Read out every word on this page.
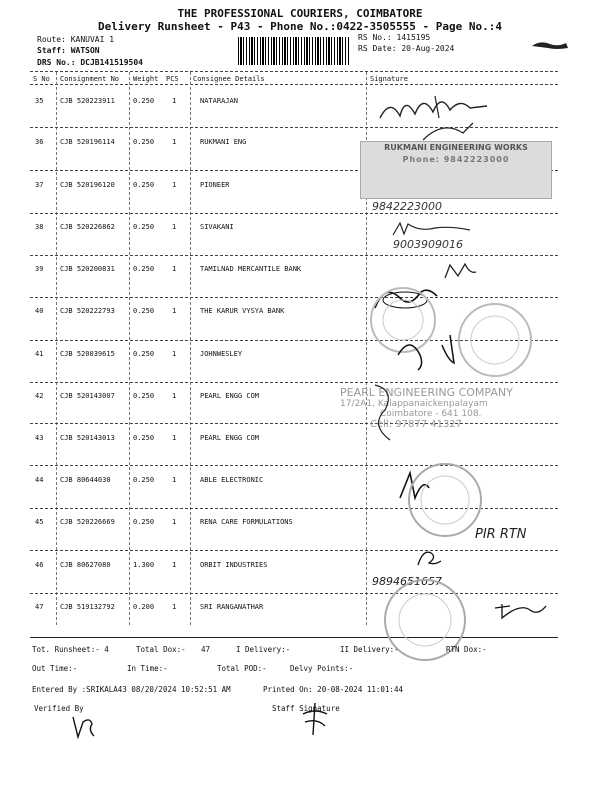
THE PROFESSIONAL COURIERS, COIMBATORE
Delivery Runsheet - P43 - Phone No.:0422-3505555 - Page No.:4
Route: KANUVAI 1
Staff: WATSON
DRS No.: DCJB141519504
RS No.: 1415195
RS Date: 20-Aug-2024
S No Consignment No Weight PCS Consignee Details	Signature
35 CJB 520223911	0.250	1	NATARAJAN
36 CJB 520196114	0.250	1	RUKMANI ENG
37 CJB 520196120	0.250	1	PIONEER
38 CJB 520226862	0.250	1	SIVAKANI
39 CJB 520200831	0.250	1	TAMILNAD MERCANTILE BANK
40 CJB 520222793	0.250	1	THE KARUR VYSYA BANK
41 CJB 520039615	0.250	1	JOHNWESLEY
42 CJB 520143007	0.250	1	PEARL ENGG COM
43 CJB 520143013	0.250	1	PEARL ENGG COM
44 CJB 80644030	0.250	1	ABLE ELECTRONIC
45 CJB 520226669	0.250	1	RENA CARE FORMULATIONS
46 CJB 80627080	1.300	1	ORBIT INDUSTRIES
47 CJB 519132792	0.200	1	SRI RANGANATHAR
RUKMANI ENGINEERING WORKS
Phone: 9842223000
9842223000
9003909016
PEARL ENGINEERING COMPANY
17/2A1, Kalappanaickenpalayam
Coimbatore - 641 108.
Cell: 97877 41327
PIR RTN
9894651657
Tot. Runsheet:- 4	Total Dox:- 47	I Delivery:-	II Delivery:-	RTN Dox:-
Out Time:-	In Time:-	Total POD:-	Delvy Points:-
Entered By :SRIKALA43 08/20/2024 10:52:51 AM	Printed On: 20-08-2024 11:01:44
Verified By	Staff Signature
